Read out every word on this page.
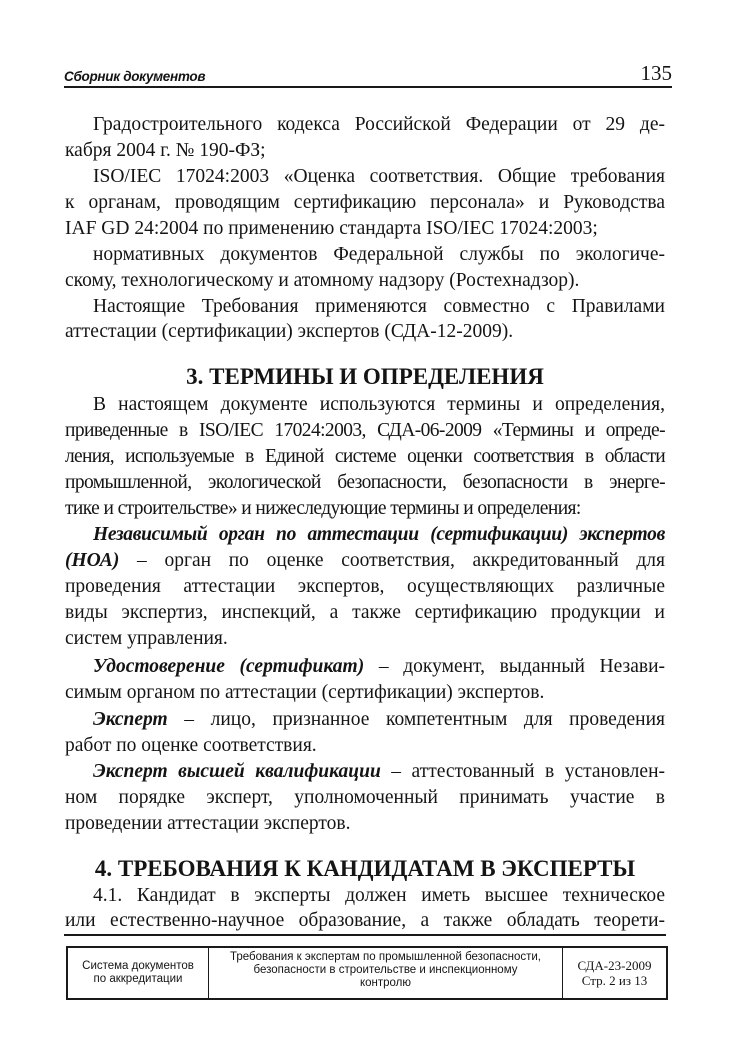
Сборник документов	135
Градостроительного кодекса Российской Федерации от 29 де-
кабря 2004 г. № 190-ФЗ;
ISO/IEC 17024:2003 «Оценка соответствия. Общие требования
к органам, проводящим сертификацию персонала» и Руководства
IAF GD 24:2004 по применению стандарта ISO/IEC 17024:2003;
нормативных документов Федеральной службы по экологиче-
скому, технологическому и атомному надзору (Ростехнадзор).
Настоящие Требования применяются совместно с Правилами
аттестации (сертификации) экспертов (СДА-12-2009).
3. ТЕРМИНЫ И ОПРЕДЕЛЕНИЯ
В настоящем документе используются термины и определения,
приведенные в ISO/IEC 17024:2003, СДА-06-2009 «Термины и опреде-
ления, используемые в Единой системе оценки соответствия в области
промышленной, экологической безопасности, безопасности в энерге-
тике и строительстве» и нижеследующие термины и определения:
Независимый орган по аттестации (сертификации) экспертов
(НОА) – орган по оценке соответствия, аккредитованный для
проведения аттестации экспертов, осуществляющих различные
виды экспертиз, инспекций, а также сертификацию продукции и
систем управления.
Удостоверение (сертификат) – документ, выданный Незави-
симым органом по аттестации (сертификации) экспертов.
Эксперт – лицо, признанное компетентным для проведения
работ по оценке соответствия.
Эксперт высшей квалификации – аттестованный в установлен-
ном порядке эксперт, уполномоченный принимать участие в
проведении аттестации экспертов.
4. ТРЕБОВАНИЯ К КАНДИДАТАМ В ЭКСПЕРТЫ
4.1. Кандидат в эксперты должен иметь высшее техническое
или естественно-научное образование, а также обладать теорети-
Система документов
по аккредитации
Требования к экспертам по промышленной безопасности,
безопасности в строительстве и инспекционному
контролю
СДА-23-2009
Стр. 2 из 13
